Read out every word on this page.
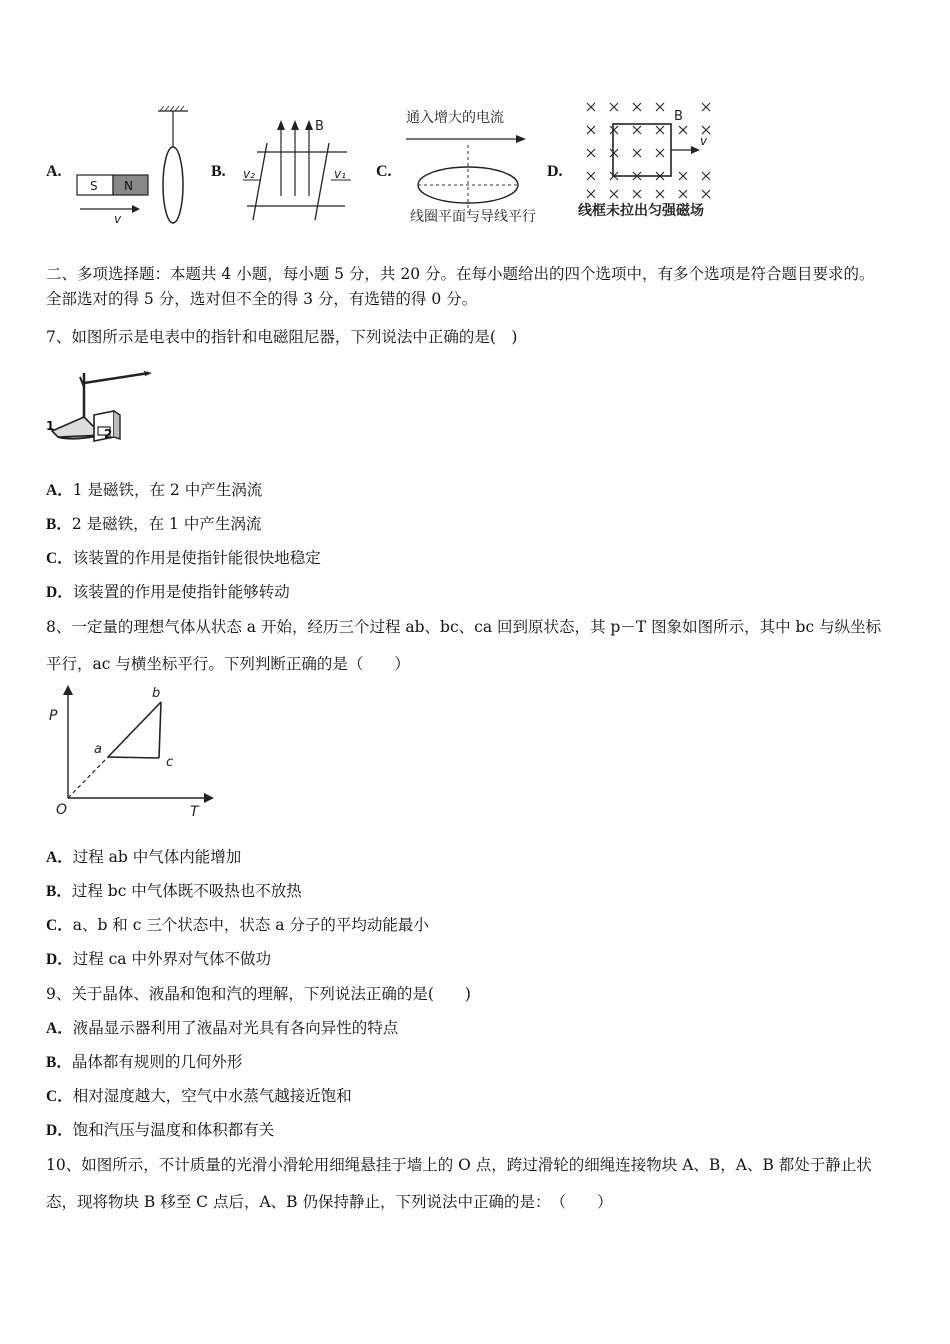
A.
S N
v
B.
B
v₂	v₁ C.
通入增大的电流
线圈平面与导线平行
D.
B
v
线框未拉出匀强磁场
二、多项选择题：本题共 4 小题，每小题 5 分，共 20 分。在每小题给出的四个选项中，有多个选项是符合题目要求的。
全部选对的得 5 分，选对但不全的得 3 分，有选错的得 0 分。
7、如图所示是电表中的指针和电磁阻尼器，下列说法中正确的是(　)
1
2
A．1 是磁铁，在 2 中产生涡流
B．2 是磁铁，在 1 中产生涡流
C．该装置的作用是使指针能很快地稳定
D．该装置的作用是使指针能够转动
8、一定量的理想气体从状态 a 开始，经历三个过程 ab、bc、ca 回到原状态，其 p－T 图象如图所示，其中 bc 与纵坐标
平行，ac 与横坐标平行。下列判断正确的是（　　）
P
T
O
a
b
c
A．过程 ab 中气体内能增加
B．过程 bc 中气体既不吸热也不放热
C．a、b 和 c 三个状态中，状态 a 分子的平均动能最小
D．过程 ca 中外界对气体不做功
9、关于晶体、液晶和饱和汽的理解，下列说法正确的是(　　)
A．液晶显示器利用了液晶对光具有各向异性的特点
B．晶体都有规则的几何外形
C．相对湿度越大，空气中水蒸气越接近饱和
D．饱和汽压与温度和体积都有关
10、如图所示，不计质量的光滑小滑轮用细绳悬挂于墙上的 O 点，跨过滑轮的细绳连接物块 A、B，A、B 都处于静止状
态，现将物块 B 移至 C 点后，A、B 仍保持静止，下列说法中正确的是：　（　　）
